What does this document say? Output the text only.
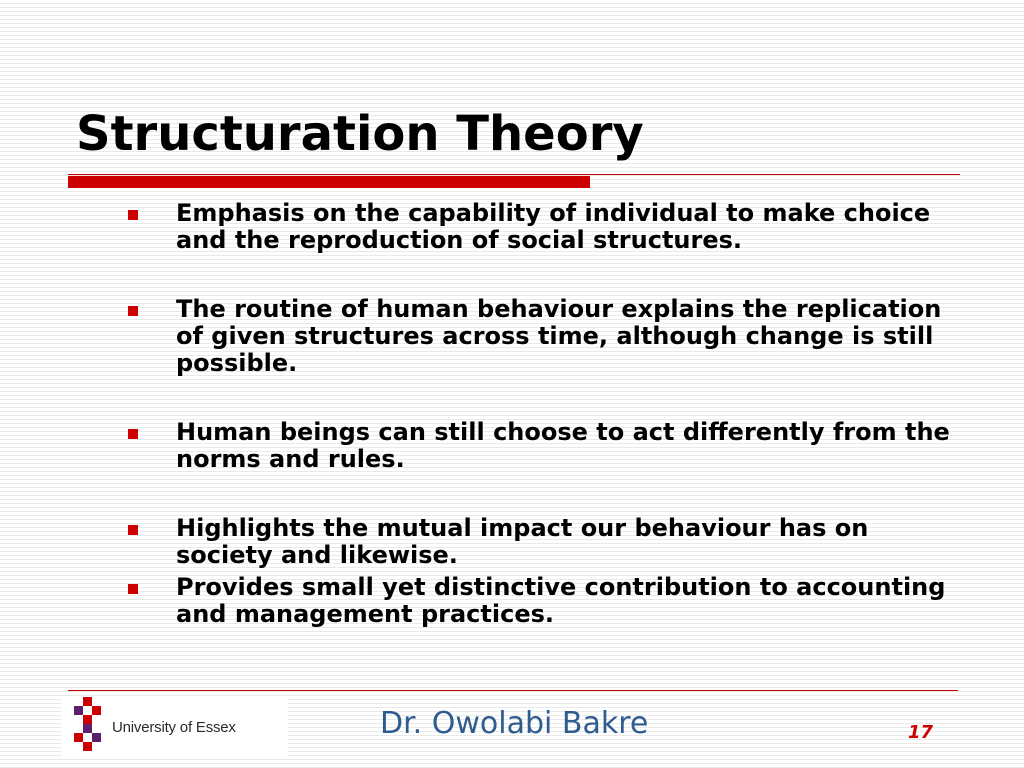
Structuration Theory
Emphasis on the capability of individual to make choice and the reproduction of social structures.
The routine of human behaviour explains the replication of given structures across time, although change is still possible.
Human beings can still choose to act differently from the norms and rules.
Highlights the mutual impact our behaviour has on society and likewise.
Provides small yet distinctive contribution to accounting and management practices.
University of Essex	Dr. Owolabi Bakre	17
